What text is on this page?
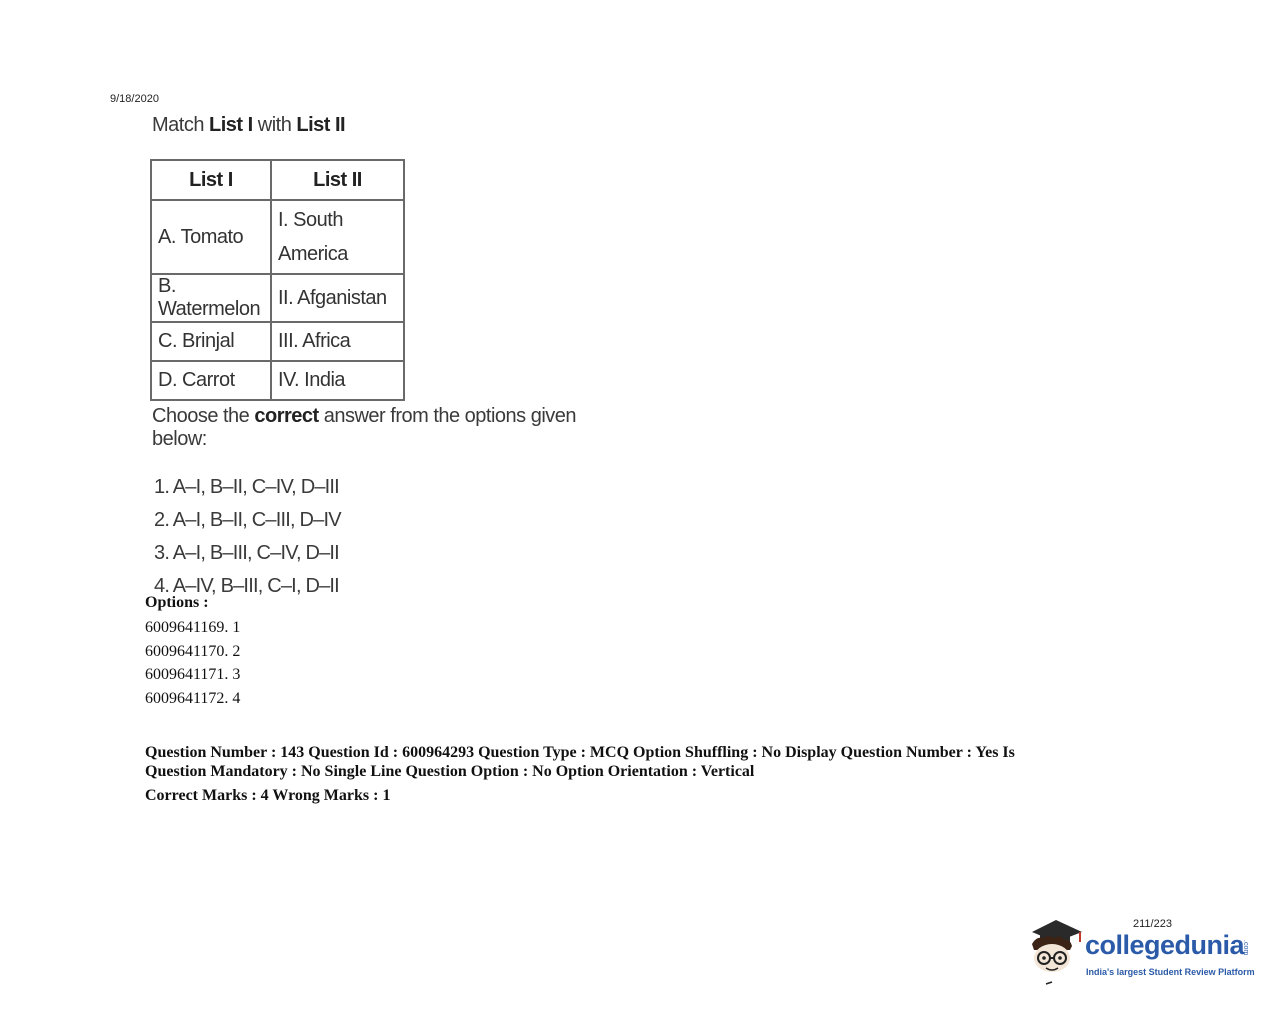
9/18/2020
Match List I with List II
List I	List II
A. Tomato	I. South America
B. Watermelon	II. Afganistan
C. Brinjal	III. Africa
D. Carrot	IV. India
Choose the correct answer from the options given below:
1. A–I, B–II, C–IV, D–III
2. A–I, B–II, C–III, D–IV
3. A–I, B–III, C–IV, D–II
4. A–IV, B–III, C–I, D–II
Options :
6009641169. 1
6009641170. 2
6009641171. 3
6009641172. 4
Question Number : 143 Question Id : 600964293 Question Type : MCQ Option Shuffling : No Display Question Number : Yes Is
Question Mandatory : No Single Line Question Option : No Option Orientation : Vertical
Correct Marks : 4 Wrong Marks : 1
211/223
collegedunia
.com
India's largest Student Review Platform
